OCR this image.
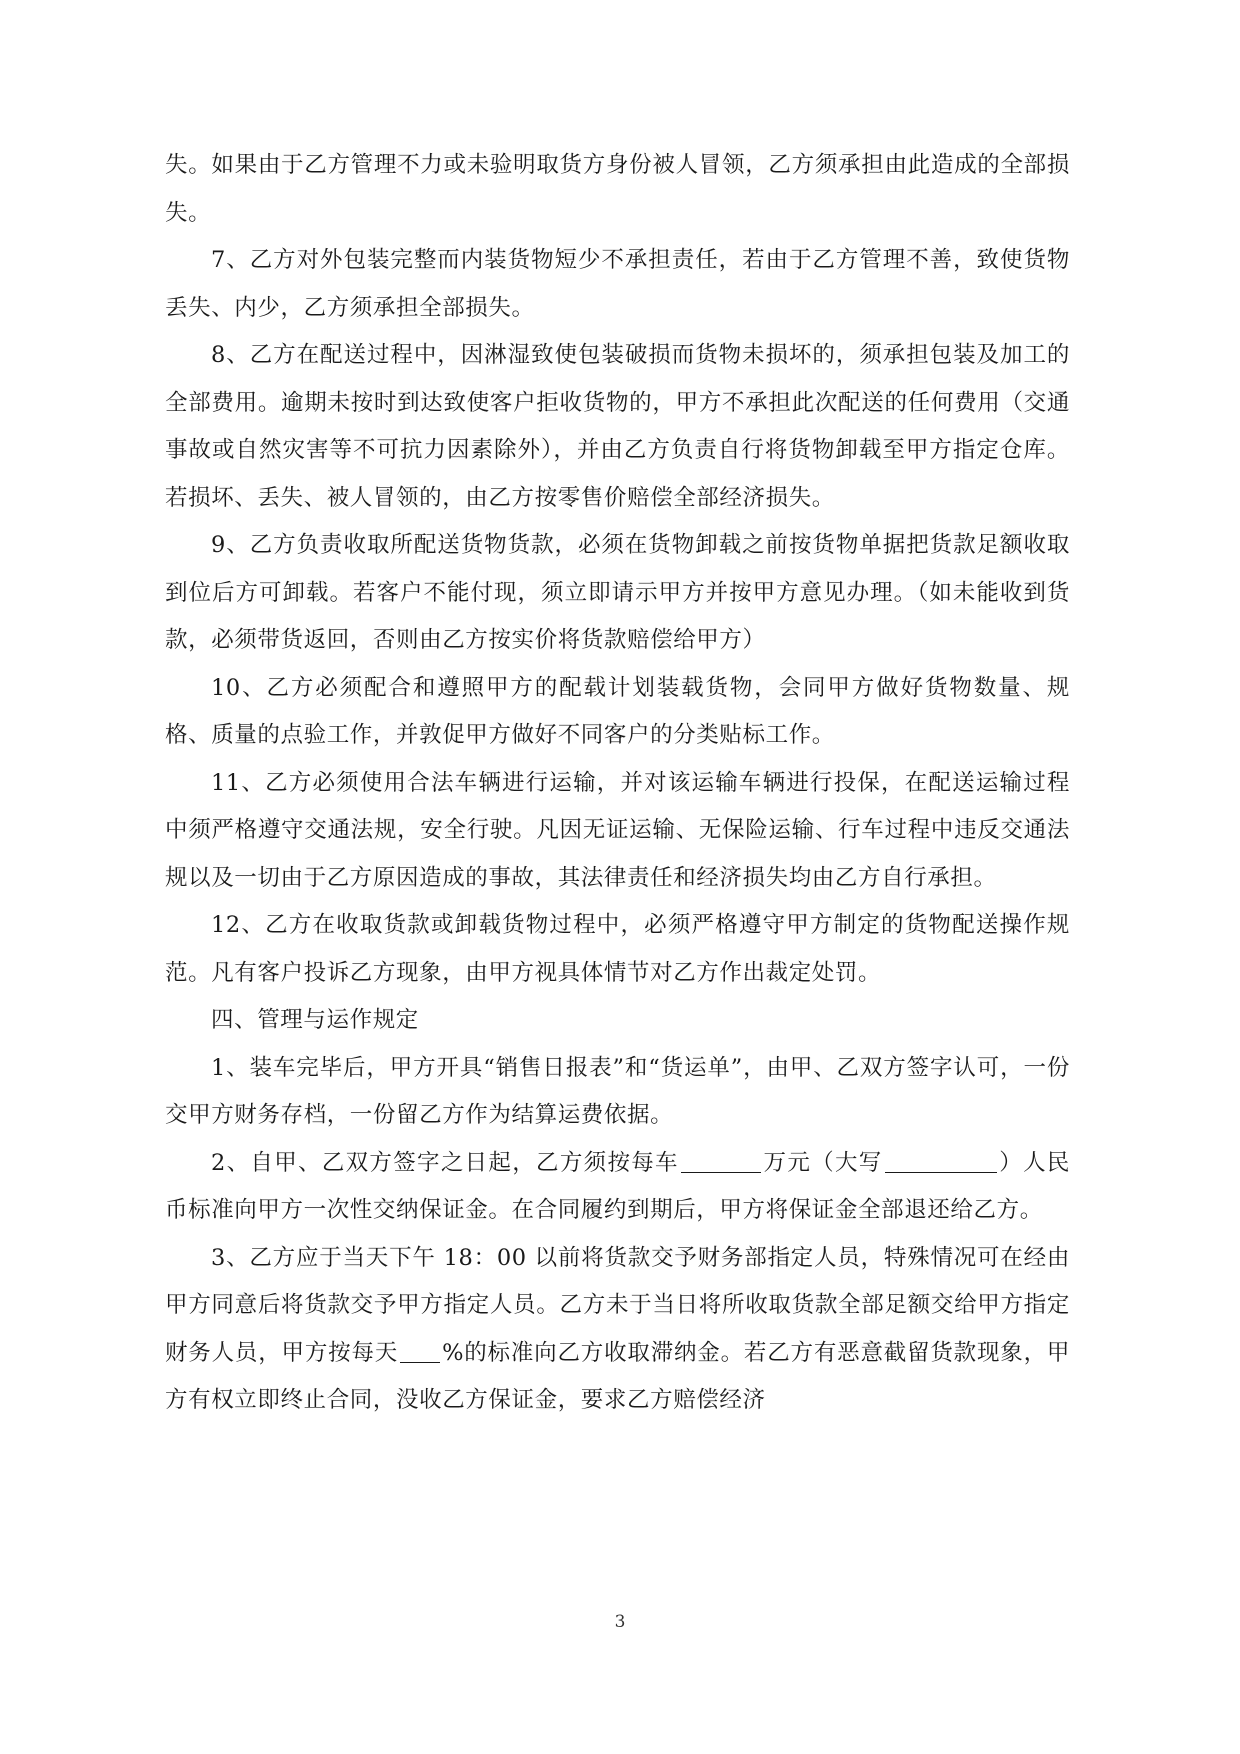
失。如果由于乙方管理不力或未验明取货方身份被人冒领，乙方须承担由此造成的全部损失。

7、乙方对外包装完整而内装货物短少不承担责任，若由于乙方管理不善，致使货物丢失、内少，乙方须承担全部损失。

8、乙方在配送过程中，因淋湿致使包装破损而货物未损坏的，须承担包装及加工的全部费用。逾期未按时到达致使客户拒收货物的，甲方不承担此次配送的任何费用（交通事故或自然灾害等不可抗力因素除外），并由乙方负责自行将货物卸载至甲方指定仓库。若损坏、丢失、被人冒领的，由乙方按零售价赔偿全部经济损失。

9、乙方负责收取所配送货物货款，必须在货物卸载之前按货物单据把货款足额收取到位后方可卸载。若客户不能付现，须立即请示甲方并按甲方意见办理。（如未能收到货款，必须带货返回，否则由乙方按实价将货款赔偿给甲方）

10、乙方必须配合和遵照甲方的配载计划装载货物，会同甲方做好货物数量、规格、质量的点验工作，并敦促甲方做好不同客户的分类贴标工作。

11、乙方必须使用合法车辆进行运输，并对该运输车辆进行投保，在配送运输过程中须严格遵守交通法规，安全行驶。凡因无证运输、无保险运输、行车过程中违反交通法规以及一切由于乙方原因造成的事故，其法律责任和经济损失均由乙方自行承担。

12、乙方在收取货款或卸载货物过程中，必须严格遵守甲方制定的货物配送操作规范。凡有客户投诉乙方现象，由甲方视具体情节对乙方作出裁定处罚。

四、管理与运作规定

1、装车完毕后，甲方开具“销售日报表”和“货运单”，由甲、乙双方签字认可，一份交甲方财务存档，一份留乙方作为结算运费依据。

2、自甲、乙双方签字之日起，乙方须按每车	万元（大写	）人民币标准向甲方一次性交纳保证金。在合同履约到期后，甲方将保证金全部退还给乙方。

3、乙方应于当天下午 18：00 以前将货款交予财务部指定人员，特殊情况可在经由甲方同意后将货款交予甲方指定人员。乙方未于当日将所收取货款全部足额交给甲方指定财务人员，甲方按每天 %的标准向乙方收取滞纳金。若乙方有恶意截留货款现象，甲方有权立即终止合同，没收乙方保证金，要求乙方赔偿经济

3
